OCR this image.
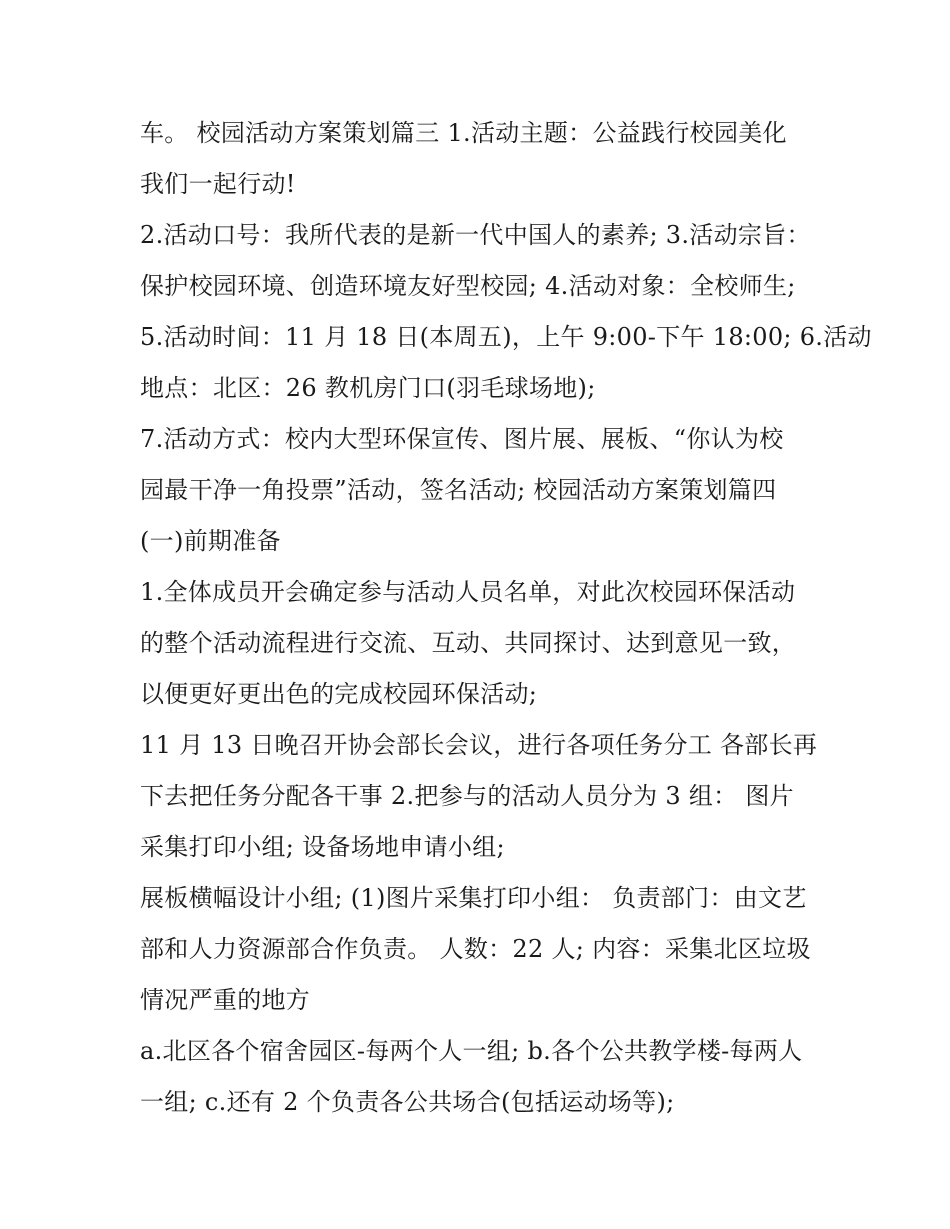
车。 校园活动方案策划篇三 1.活动主题：公益践行校园美化
我们一起行动!
2.活动口号：我所代表的是新一代中国人的素养; 3.活动宗旨：
保护校园环境、创造环境友好型校园; 4.活动对象：全校师生;
5.活动时间：11 月 18 日(本周五)，上午 9:00-下午 18:00; 6.活动
地点：北区：26 教机房门口(羽毛球场地);
7.活动方式：校内大型环保宣传、图片展、展板、“你认为校
园最干净一角投票”活动，签名活动; 校园活动方案策划篇四
(一)前期准备
1.全体成员开会确定参与活动人员名单，对此次校园环保活动
的整个活动流程进行交流、互动、共同探讨、达到意见一致，
以便更好更出色的完成校园环保活动;
11 月 13 日晚召开协会部长会议，进行各项任务分工 各部长再
下去把任务分配各干事 2.把参与的活动人员分为 3 组： 图片
采集打印小组; 设备场地申请小组;
展板横幅设计小组; (1)图片采集打印小组： 负责部门：由文艺
部和人力资源部合作负责。 人数：22 人; 内容：采集北区垃圾
情况严重的地方
a.北区各个宿舍园区-每两个人一组; b.各个公共教学楼-每两人
一组; c.还有 2 个负责各公共场合(包括运动场等);
